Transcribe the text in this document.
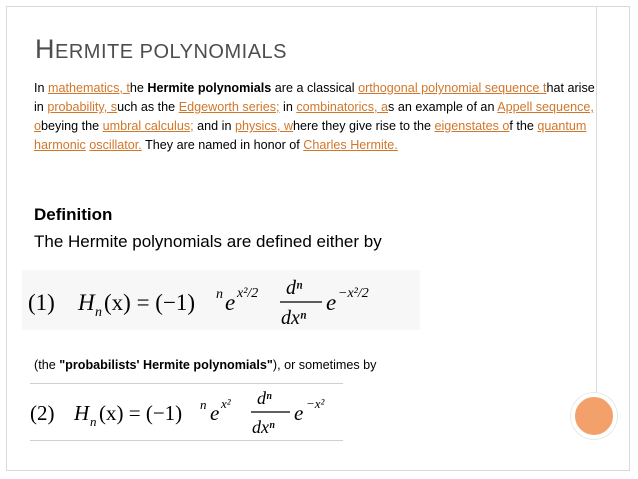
HERMITE POLYNOMIALS
In mathematics, the Hermite polynomials are a classical orthogonal polynomial sequence that arise in probability, such as the Edgeworth series; in combinatorics, as an example of an Appell sequence, obeying the umbral calculus; and in physics, where they give rise to the eigenstates of the quantum harmonic oscillator. They are named in honor of Charles Hermite.
Definition
The Hermite polynomials are defined either by
(1) H n (x) = (−1) n e x²/2 dⁿ
dxⁿ
e −x²/2
(the "probabilists' Hermite polynomials"), or sometimes by
(2) H n (x) = (−1) n e x² dⁿ
dxⁿ
e −x²
